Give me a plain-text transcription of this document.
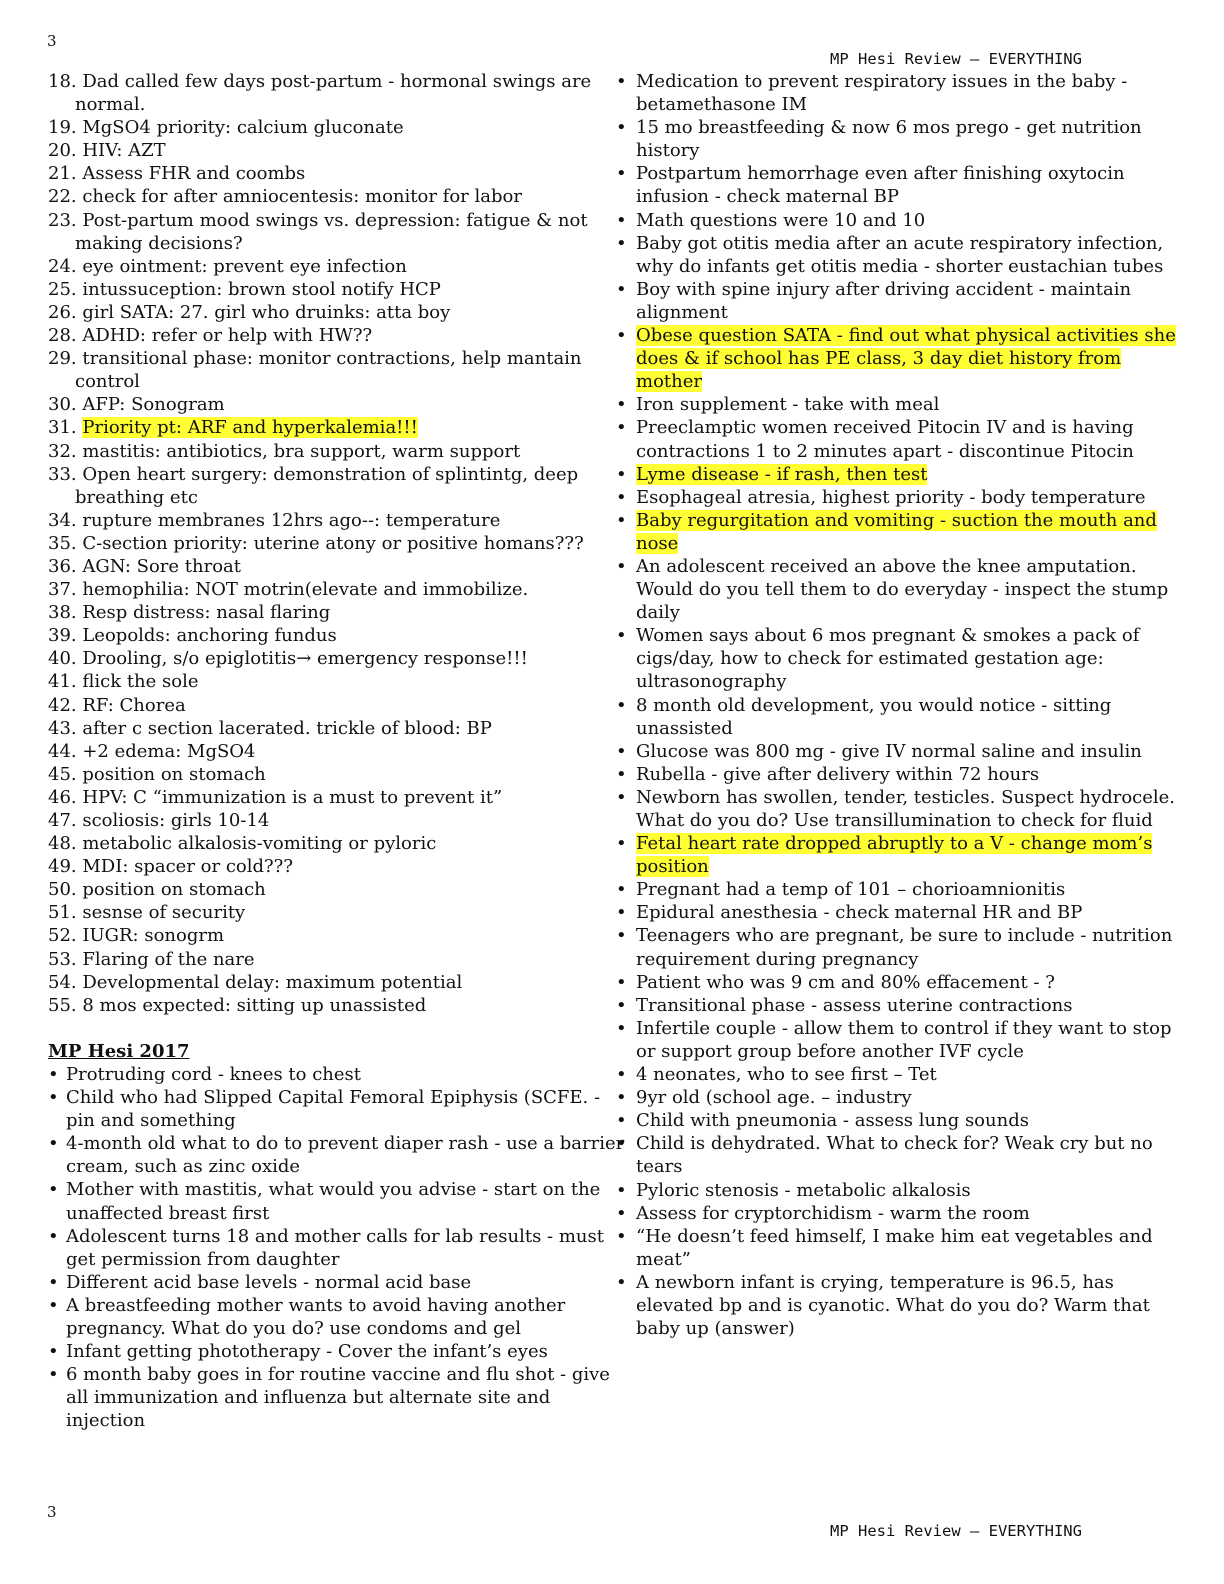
3
MP Hesi Review – EVERYTHING
18. Dad called few days post-partum - hormonal swings are normal.
19. MgSO4 priority: calcium gluconate
20. HIV: AZT
21. Assess FHR and coombs
22. check for after amniocentesis: monitor for labor
23. Post-partum mood swings vs. depression: fatigue & not making decisions?
24. eye ointment: prevent eye infection
25. intussuception: brown stool notify HCP
26. girl SATA: 27. girl who druinks: atta boy
28. ADHD: refer or help with HW??
29. transitional phase: monitor contractions, help mantain control
30. AFP: Sonogram
31. Priority pt: ARF and hyperkalemia!!!
32. mastitis: antibiotics, bra support, warm support
33. Open heart surgery: demonstration of splintintg, deep breathing etc
34. rupture membranes 12hrs ago--: temperature
35. C-section priority: uterine atony or positive homans???
36. AGN: Sore throat
37. hemophilia: NOT motrin(elevate and immobilize.
38. Resp distress: nasal flaring
39. Leopolds: anchoring fundus
40. Drooling, s/o epiglotitis→ emergency response!!!
41. flick the sole
42. RF: Chorea
43. after c section lacerated. trickle of blood: BP
44. +2 edema: MgSO4
45. position on stomach
46. HPV: C “immunization is a must to prevent it”
47. scoliosis: girls 10-14
48. metabolic alkalosis-vomiting or pyloric
49. MDI: spacer or cold???
50. position on stomach
51. sesnse of security
52. IUGR: sonogrm
53. Flaring of the nare
54. Developmental delay: maximum potential
55. 8 mos expected: sitting up unassisted
MP Hesi 2017
• Protruding cord - knees to chest
• Child who had Slipped Capital Femoral Epiphysis (SCFE. - pin and something
• 4-month old what to do to prevent diaper rash - use a barrier cream, such as zinc oxide
• Mother with mastitis, what would you advise - start on the unaffected breast first
• Adolescent turns 18 and mother calls for lab results - must get permission from daughter
• Different acid base levels - normal acid base
• A breastfeeding mother wants to avoid having another pregnancy. What do you do? use condoms and gel
• Infant getting phototherapy - Cover the infant’s eyes
• 6 month baby goes in for routine vaccine and flu shot - give all immunization and influenza but alternate site and injection
• Medication to prevent respiratory issues in the baby - betamethasone IM
• 15 mo breastfeeding & now 6 mos prego - get nutrition history
• Postpartum hemorrhage even after finishing oxytocin infusion - check maternal BP
• Math questions were 10 and 10
• Baby got otitis media after an acute respiratory infection, why do infants get otitis media - shorter eustachian tubes
• Boy with spine injury after driving accident - maintain alignment
• Obese question SATA - find out what physical activities she does & if school has PE class, 3 day diet history from mother
• Iron supplement - take with meal
• Preeclamptic women received Pitocin IV and is having contractions 1 to 2 minutes apart - discontinue Pitocin
• Lyme disease - if rash, then test
• Esophageal atresia, highest priority - body temperature
• Baby regurgitation and vomiting - suction the mouth and nose
• An adolescent received an above the knee amputation. Would do you tell them to do everyday - inspect the stump daily
• Women says about 6 mos pregnant & smokes a pack of cigs/day, how to check for estimated gestation age: ultrasonography
• 8 month old development, you would notice - sitting unassisted
• Glucose was 800 mg - give IV normal saline and insulin
• Rubella - give after delivery within 72 hours
• Newborn has swollen, tender, testicles. Suspect hydrocele. What do you do? Use transillumination to check for fluid
• Fetal heart rate dropped abruptly to a V - change mom’s position
• Pregnant had a temp of 101 – chorioamnionitis
• Epidural anesthesia - check maternal HR and BP
• Teenagers who are pregnant, be sure to include - nutrition requirement during pregnancy
• Patient who was 9 cm and 80% effacement - ?
• Transitional phase - assess uterine contractions
• Infertile couple - allow them to control if they want to stop or support group before another IVF cycle
• 4 neonates, who to see first – Tet
• 9yr old (school age. – industry
• Child with pneumonia - assess lung sounds
• Child is dehydrated. What to check for? Weak cry but no tears
• Pyloric stenosis - metabolic alkalosis
• Assess for cryptorchidism - warm the room
• “He doesn’t feed himself, I make him eat vegetables and meat”
• A newborn infant is crying, temperature is 96.5, has elevated bp and is cyanotic. What do you do? Warm that baby up (answer)
3
MP Hesi Review – EVERYTHING
